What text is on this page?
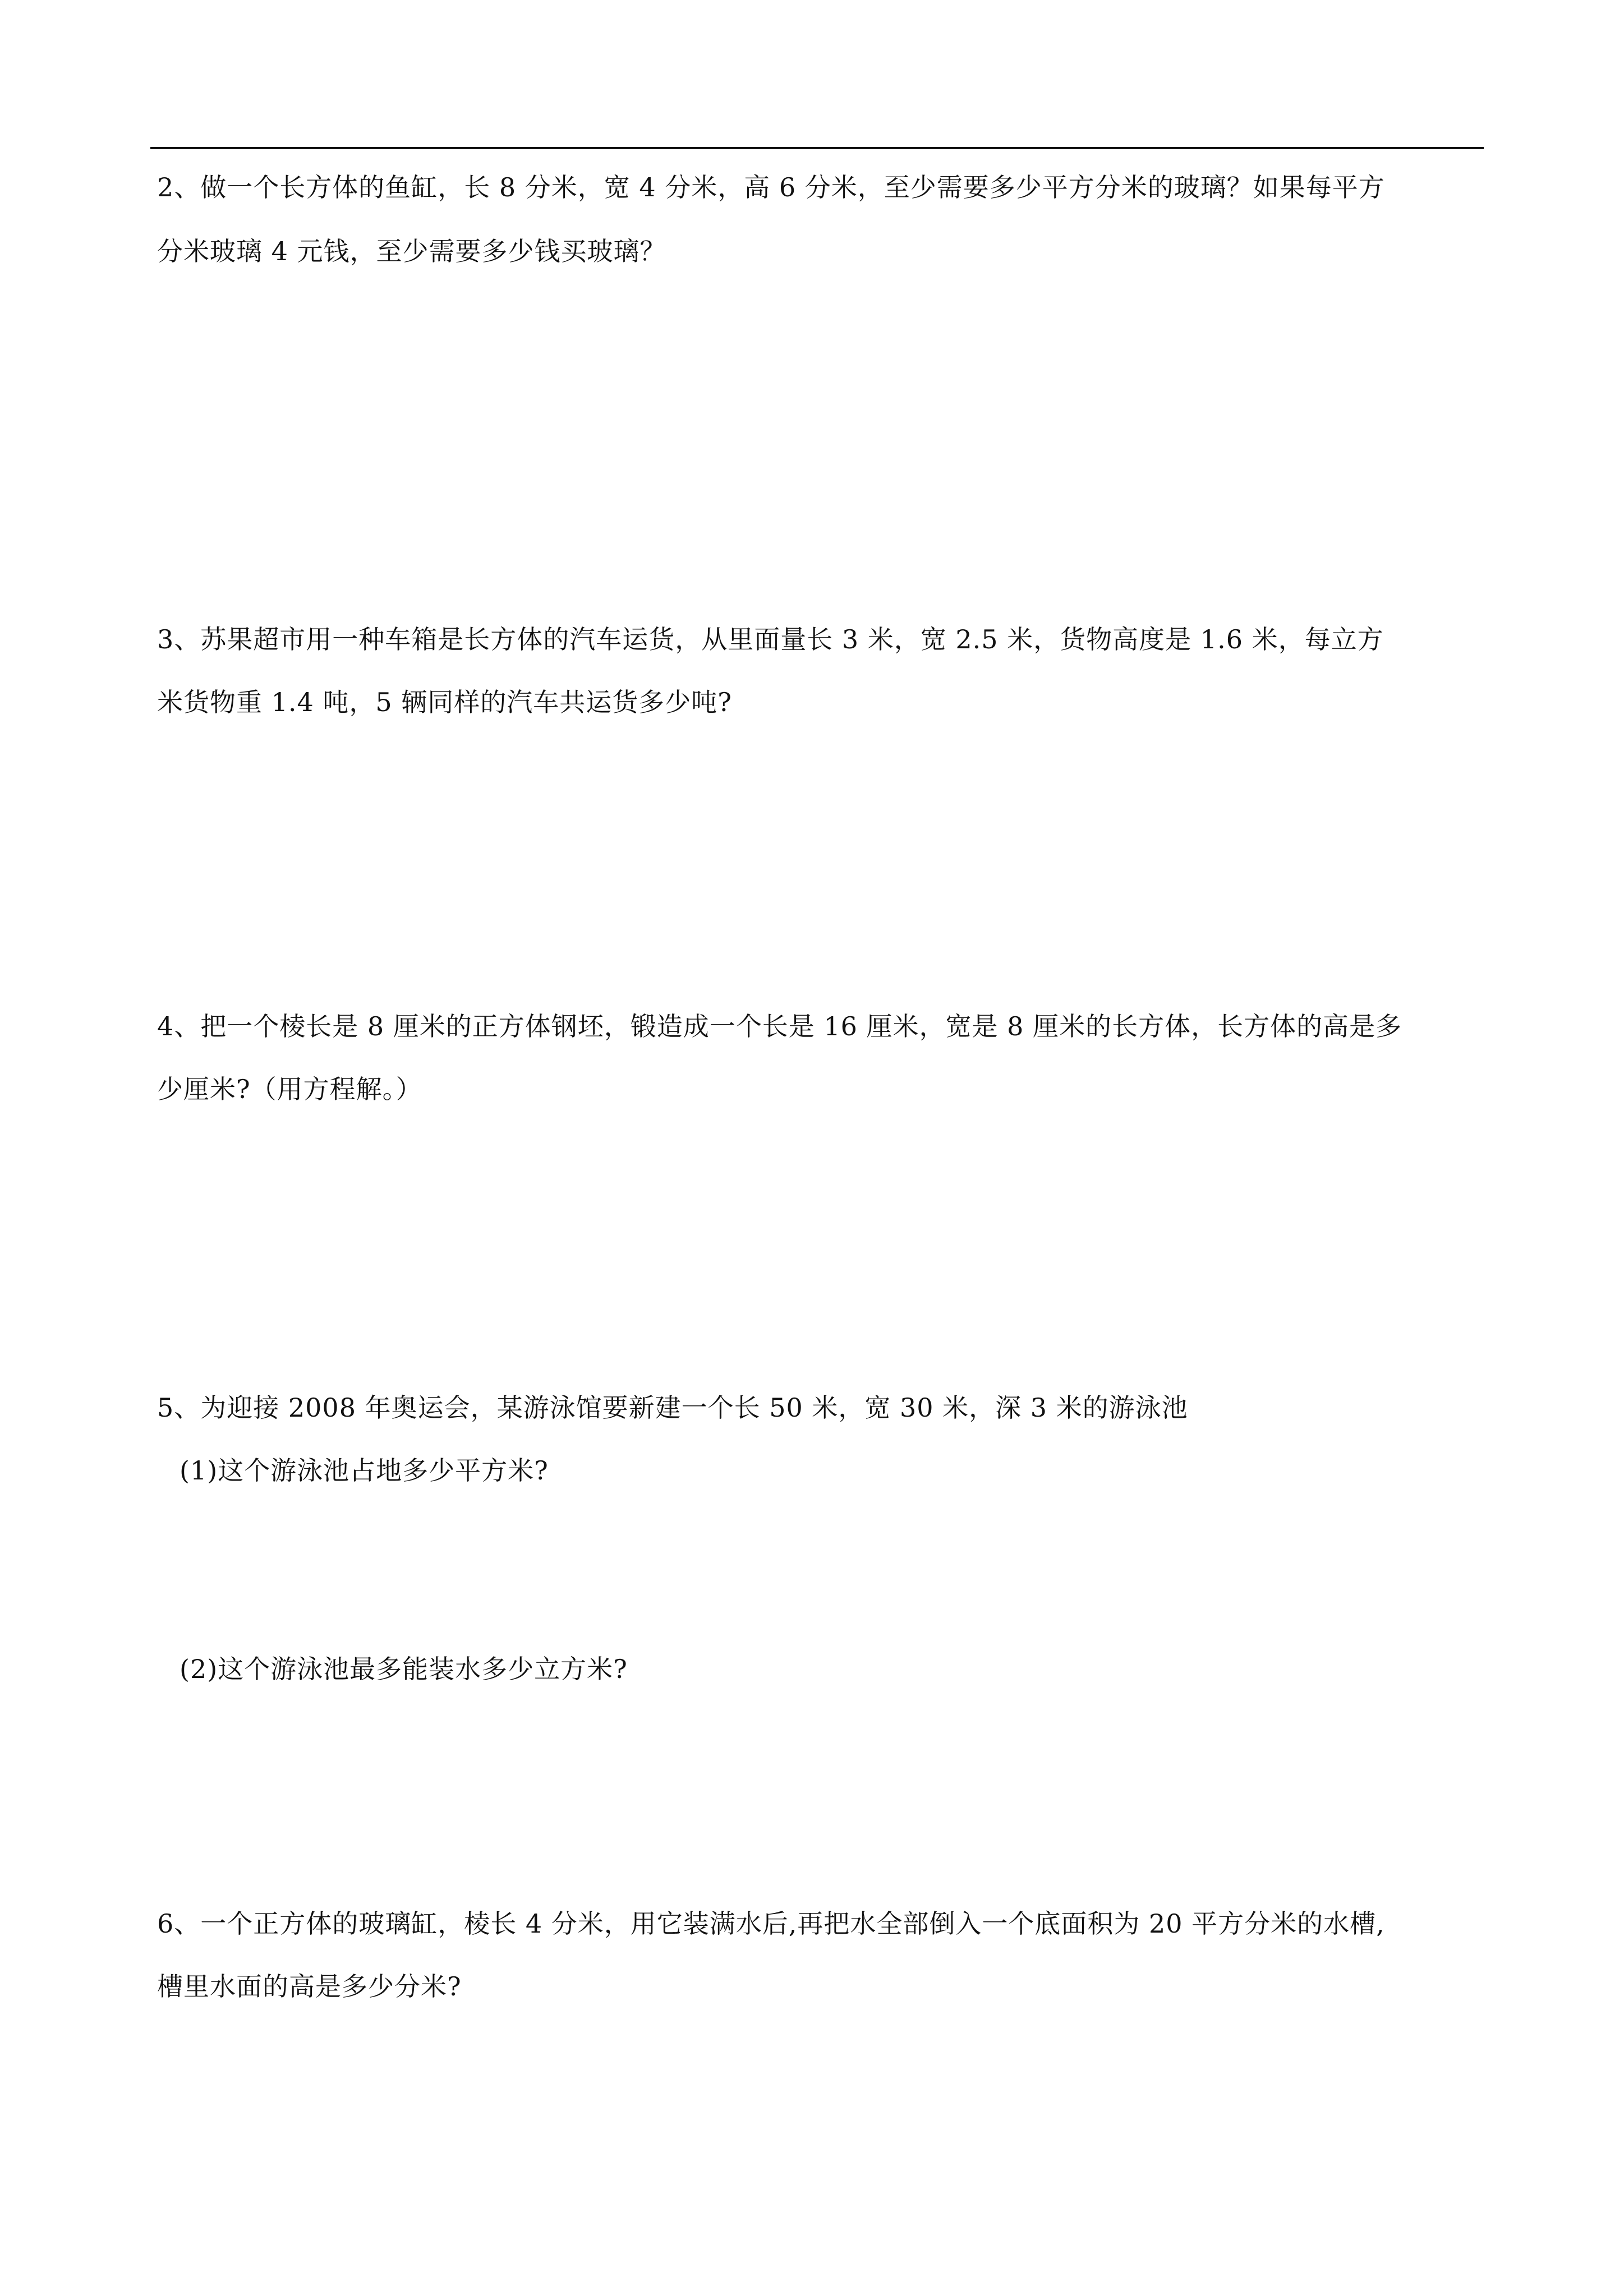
2、做一个长方体的鱼缸，长 8 分米，宽 4 分米，高 6 分米，至少需要多少平方分米的玻璃？如果每平方
分米玻璃 4 元钱，至少需要多少钱买玻璃？
3、苏果超市用一种车箱是长方体的汽车运货，从里面量长 3 米，宽 2.5 米，货物高度是 1.6 米，每立方
米货物重 1.4 吨，5 辆同样的汽车共运货多少吨?
4、把一个棱长是 8 厘米的正方体钢坯，锻造成一个长是 16 厘米，宽是 8 厘米的长方体，长方体的高是多
少厘米?（用方程解。）
5、为迎接 2008 年奥运会，某游泳馆要新建一个长 50 米，宽 30 米，深 3 米的游泳池
(1)这个游泳池占地多少平方米?
(2)这个游泳池最多能装水多少立方米?
6、一个正方体的玻璃缸，棱长 4 分米，用它装满水后,再把水全部倒入一个底面积为 20 平方分米的水槽,
槽里水面的高是多少分米?
